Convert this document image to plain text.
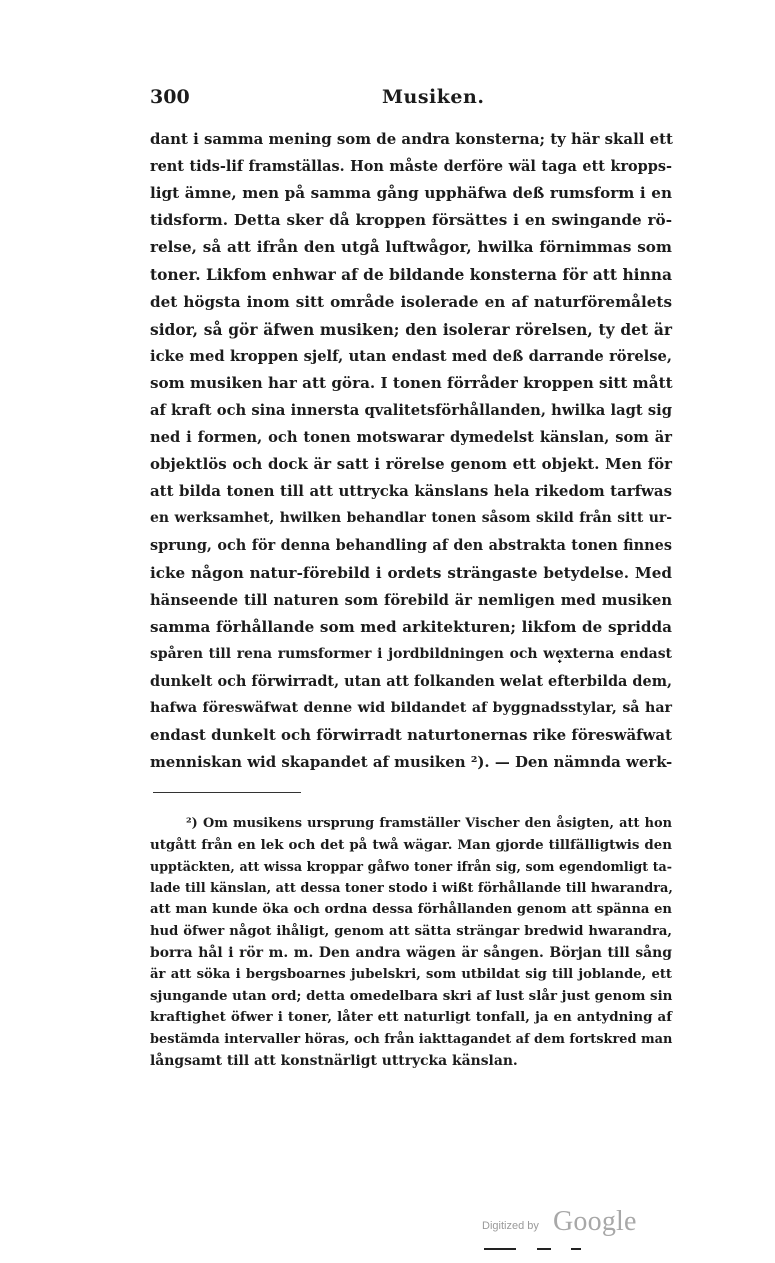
300	Musiken.
dant i samma mening som de andra konsterna; ty här skall ett
rent tids-lif framställas. Hon måste derföre wäl taga ett kropps-
ligt ämne, men på samma gång upphäfwa deß rumsform i en
tidsform. Detta sker då kroppen försättes i en swingande rö-
relse, så att ifrån den utgå luftwågor, hwilka förnimmas som
toner. Likfom enhwar af de bildande konsterna för att hinna
det högsta inom sitt område isolerade en af naturföremålets
sidor, så gör äfwen musiken; den isolerar rörelsen, ty det är
icke med kroppen sjelf, utan endast med deß darrande rörelse,
som musiken har att göra. I tonen förråder kroppen sitt mått
af kraft och sina innersta qvalitetsförhållanden, hwilka lagt sig
ned i formen, och tonen motswarar dymedelst känslan, som är
objektlös och dock är satt i rörelse genom ett objekt. Men för
att bilda tonen till att uttrycka känslans hela rikedom tarfwas
en werksamhet, hwilken behandlar tonen såsom skild från sitt ur-
sprung, och för denna behandling af den abstrakta tonen finnes
icke någon natur-förebild i ordets strängaste betydelse. Med
hänseende till naturen som förebild är nemligen med musiken
samma förhållande som med arkitekturen; likfom de spridda
spåren till rena rumsformer i jordbildningen och we̟xterna endast
dunkelt och förwirradt, utan att folkanden welat efterbilda dem,
hafwa föreswäfwat denne wid bildandet af byggnadsstylar, så har
endast dunkelt och förwirradt naturtonernas rike föreswäfwat
menniskan wid skapandet af musiken ²). — Den nämnda werk-
²) Om musikens ursprung framställer Vischer den åsigten, att hon
utgått från en lek och det på twå wägar. Man gjorde tillfälligtwis den
upptäckten, att wissa kroppar gåfwo toner ifrån sig, som egendomligt ta-
lade till känslan, att dessa toner stodo i wißt förhållande till hwarandra,
att man kunde öka och ordna dessa förhållanden genom att spänna en
hud öfwer något ihåligt, genom att sätta strängar bredwid hwarandra,
borra hål i rör m. m. Den andra wägen är sången. Början till sång
är att söka i bergsboarnes jubelskri, som utbildat sig till joblande, ett
sjungande utan ord; detta omedelbara skri af lust slår just genom sin
kraftighet öfwer i toner, låter ett naturligt tonfall, ja en antydning af
bestämda intervaller höras, och från iakttagandet af dem fortskred man
långsamt till att konstnärligt uttrycka känslan.
Digitized by Google
